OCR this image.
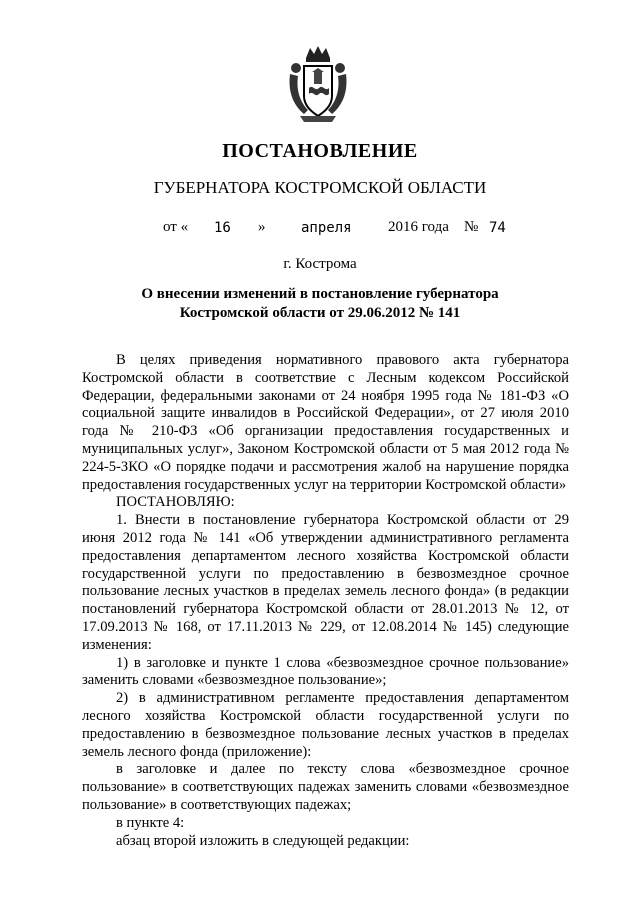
ПОСТАНОВЛЕНИЕ
ГУБЕРНАТОРА КОСТРОМСКОЙ ОБЛАСТИ
от « 16 »	апреля 2016 года № 74
г. Кострома
О внесении изменений в постановление губернатора
Костромской области от 29.06.2012 № 141

В целях приведения нормативного правового акта губернатора Костромской области в соответствие с Лесным кодексом Российской Федерации, федеральными законами от 24 ноября 1995 года № 181-ФЗ «О социальной защите инвалидов в Российской Федерации», от 27 июля 2010 года № 210-ФЗ «Об организации предоставления государственных и муниципальных услуг», Законом Костромской области от 5 мая 2012 года № 224-5-ЗКО «О порядке подачи и рассмотрения жалоб на нарушение порядка предоставления государственных услуг на территории Костромской области»

ПОСТАНОВЛЯЮ:

1. Внести в постановление губернатора Костромской области от 29 июня 2012 года № 141 «Об утверждении административного регламента предоставления департаментом лесного хозяйства Костромской области государственной услуги по предоставлению в безвозмездное срочное пользование лесных участков в пределах земель лесного фонда» (в редакции постановлений губернатора Костромской области от 28.01.2013 № 12, от 17.09.2013 № 168, от 17.11.2013 № 229, от 12.08.2014 № 145) следующие изменения:

1) в заголовке и пункте 1 слова «безвозмездное срочное пользование» заменить словами «безвозмездное пользование»;

2) в административном регламенте предоставления департаментом лесного хозяйства Костромской области государственной услуги по предоставлению в безвозмездное пользование лесных участков в пределах земель лесного фонда (приложение):

в заголовке и далее по тексту слова «безвозмездное срочное пользование» в соответствующих падежах заменить словами «безвозмездное пользование» в соответствующих падежах;

в пункте 4:

абзац второй изложить в следующей редакции:
